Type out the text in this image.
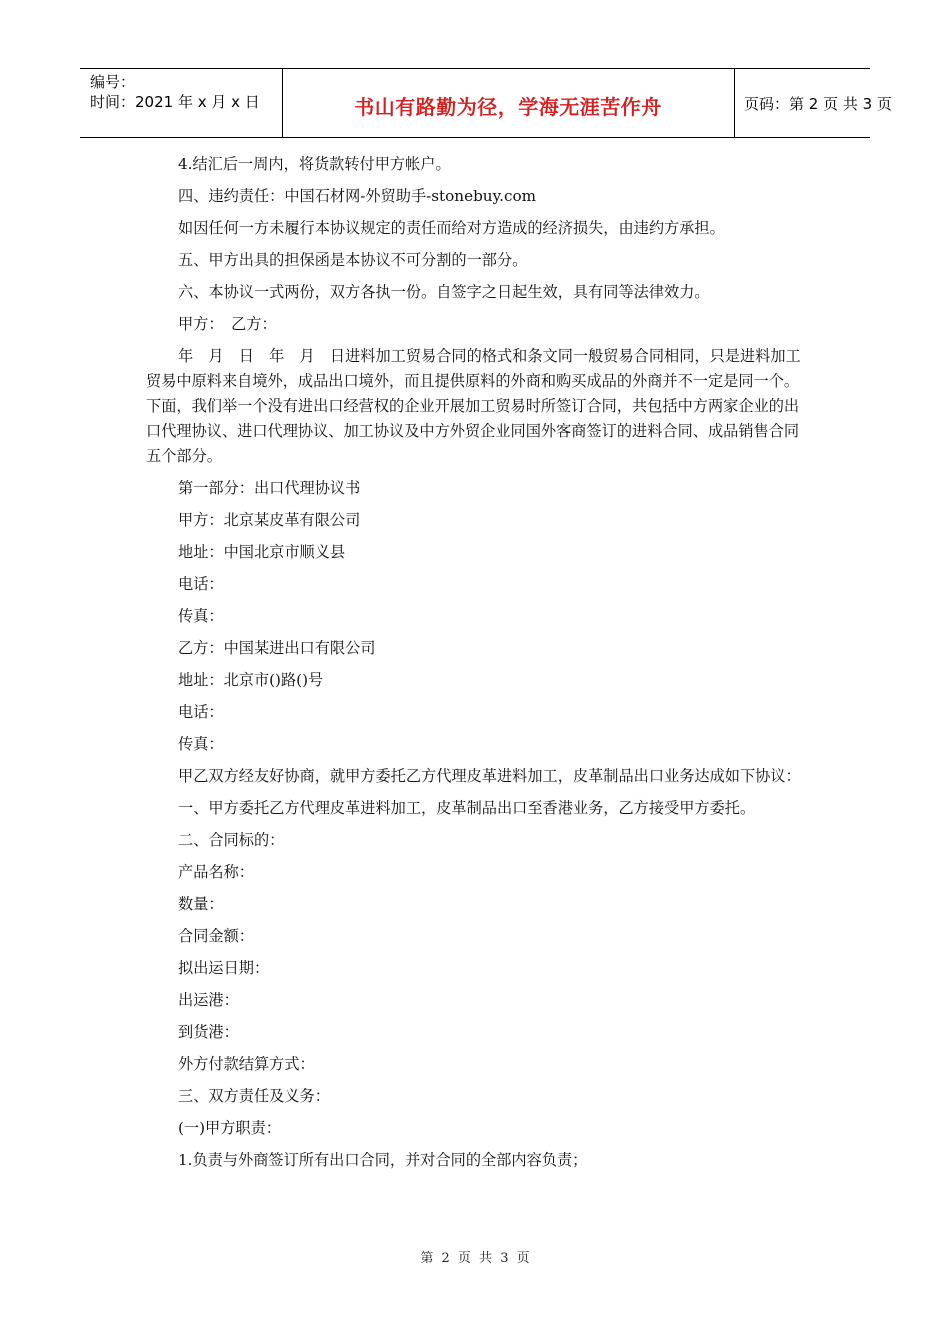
编号：
时间：2021 年 x 月 x 日	书山有路勤为径，学海无涯苦作舟	页码：第 2 页 共 3 页

4.结汇后一周内，将货款转付甲方帐户。

四、违约责任：中国石材网-外贸助手-stonebuy.com

如因任何一方未履行本协议规定的责任而给对方造成的经济损失，由违约方承担。

五、甲方出具的担保函是本协议不可分割的一部分。

六、本协议一式两份，双方各执一份。自签字之日起生效，具有同等法律效力。

甲方：　乙方：

年　月　日　年　月　日进料加工贸易合同的格式和条文同一般贸易合同相同，只是进料加工贸易中原料来自境外，成品出口境外，而且提供原料的外商和购买成品的外商并不一定是同一个。下面，我们举一个没有进出口经营权的企业开展加工贸易时所签订合同，共包括中方两家企业的出口代理协议、进口代理协议、加工协议及中方外贸企业同国外客商签订的进料合同、成品销售合同五个部分。

第一部分：出口代理协议书

甲方：北京某皮革有限公司

地址：中国北京市顺义县

电话：

传真：

乙方：中国某进出口有限公司

地址：北京市()路()号

电话：

传真：

甲乙双方经友好协商，就甲方委托乙方代理皮革进料加工，皮革制品出口业务达成如下协议：

一、甲方委托乙方代理皮革进料加工，皮革制品出口至香港业务，乙方接受甲方委托。

二、合同标的：

产品名称：

数量：

合同金额：

拟出运日期：

出运港：

到货港：

外方付款结算方式：

三、双方责任及义务：

(一)甲方职责：

1.负责与外商签订所有出口合同，并对合同的全部内容负责；

第 2 页 共 3 页
